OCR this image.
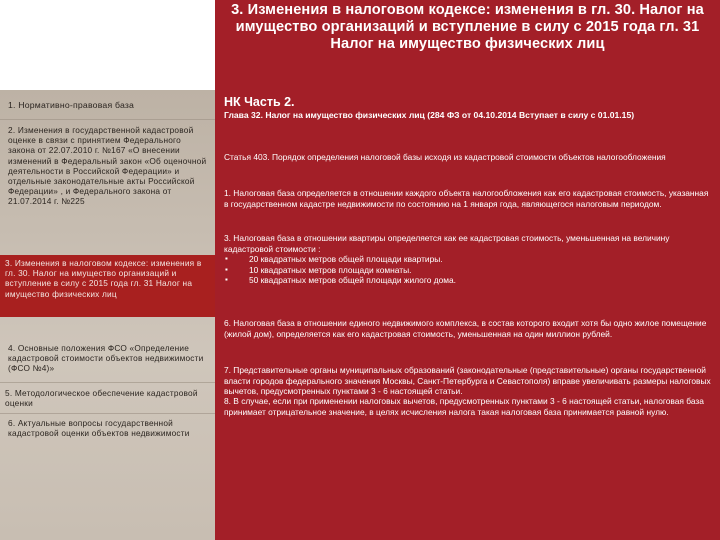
1. Нормативно-правовая база
2. Изменения в государственной кадастровой оценке в связи с принятием Федерального закона от 22.07.2010 г. №167 «О внесении изменений в Федеральный закон «Об оценочной деятельности в Российской Федерации» и отдельные законодательные акты Российской Федерации» , и Федерального закона от 21.07.2014 г. №225
3. Изменения в налоговом кодексе: изменения в гл. 30. Налог на имущество организаций и вступление в силу с 2015 года гл. 31 Налог на имущество физических лиц
4. Основные положения ФСО «Определение кадастровой стоимости объектов недвижимости (ФСО №4)»
5. Методологическое обеспечение кадастровой оценки
6. Актуальные вопросы государственной кадастровой оценки объектов недвижимости
3. Изменения в налоговом кодексе: изменения в гл. 30. Налог на имущество организаций и вступление в силу с 2015 года гл. 31 Налог на имущество физических лиц
НК Часть 2.
Глава 32. Налог на имущество физических лиц (284 ФЗ от 04.10.2014 Вступает в силу с 01.01.15)

Статья 403. Порядок определения налоговой базы исходя из кадастровой стоимости объектов налогообложения

1. Налоговая база определяется в отношении каждого объекта налогообложения как его кадастровая стоимость, указанная в государственном кадастре недвижимости по состоянию на 1 января года, являющегося налоговым периодом.

3. Налоговая база в отношении квартиры определяется как ее кадастровая стоимость, уменьшенная на величину кадастровой стоимости :

▪ 20 квадратных метров общей площади квартиры.
▪ 10 квадратных метров площади комнаты.
▪ 50 квадратных метров общей площади жилого дома.

6. Налоговая база в отношении единого недвижимого комплекса, в состав которого входит хотя бы одно жилое помещение (жилой дом), определяется как его кадастровая стоимость, уменьшенная на один миллион рублей.

7. Представительные органы муниципальных образований (законодательные (представительные) органы государственной власти городов федерального значения Москвы, Санкт-Петербурга и Севастополя) вправе увеличивать размеры налоговых вычетов, предусмотренных пунктами 3 - 6 настоящей статьи.

8. В случае, если при применении налоговых вычетов, предусмотренных пунктами 3 - 6 настоящей статьи, налоговая база принимает отрицательное значение, в целях исчисления налога такая налоговая база принимается равной нулю.
